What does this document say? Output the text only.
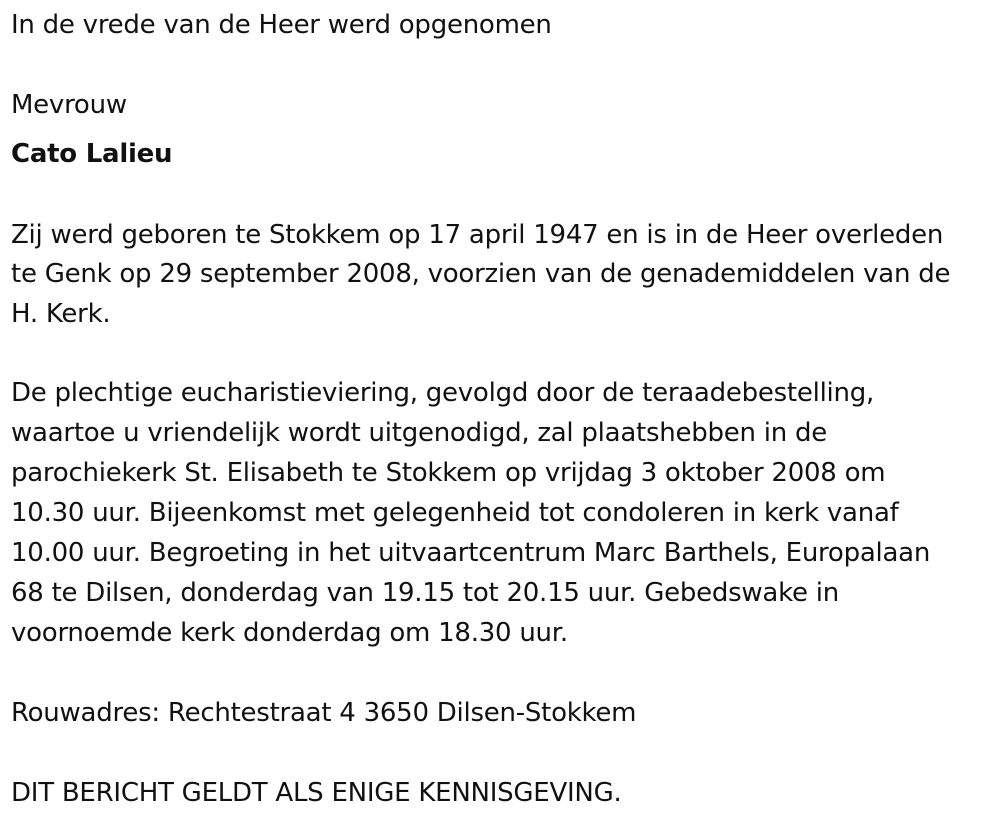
In de vrede van de Heer werd opgenomen
Mevrouw
Cato Lalieu
Zij werd geboren te Stokkem op 17 april 1947 en is in de Heer overleden
te Genk op 29 september 2008, voorzien van de genademiddelen van de
H. Kerk.
De plechtige eucharistieviering, gevolgd door de teraadebestelling,
waartoe u vriendelijk wordt uitgenodigd, zal plaatshebben in de
parochiekerk St. Elisabeth te Stokkem op vrijdag 3 oktober 2008 om
10.30 uur. Bijeenkomst met gelegenheid tot condoleren in kerk vanaf
10.00 uur. Begroeting in het uitvaartcentrum Marc Barthels, Europalaan
68 te Dilsen, donderdag van 19.15 tot 20.15 uur. Gebedswake in
voornoemde kerk donderdag om 18.30 uur.
Rouwadres: Rechtestraat 4 3650 Dilsen-Stokkem
DIT BERICHT GELDT ALS ENIGE KENNISGEVING.
